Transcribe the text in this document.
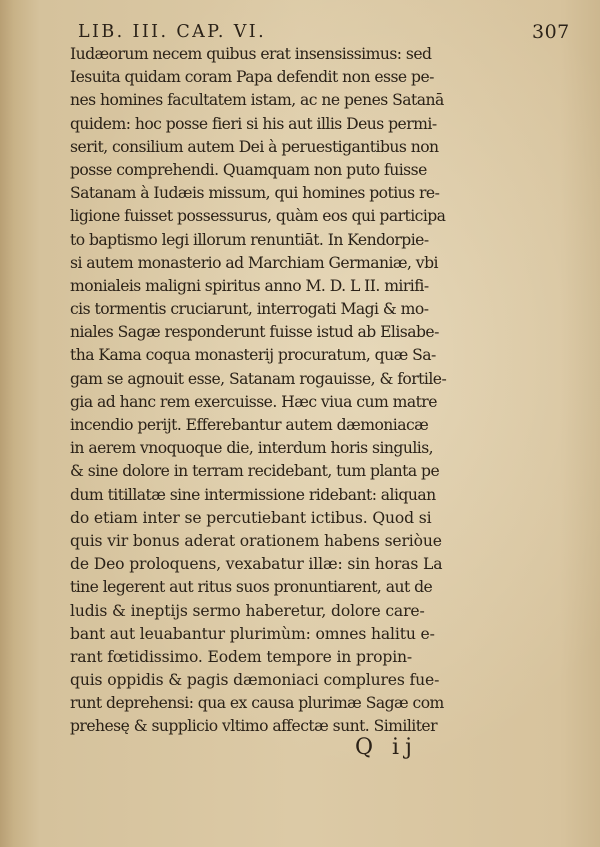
LIB. III. CAP. VI.	307
Iudæorum necem quibus erat insensissimus: sed
Iesuita quidam coram Papa defendit non esse pe-
nes homines facultatem istam, ac ne penes Satanā
quidem: hoc posse fieri si his aut illis Deus permi-
serit, consilium autem Dei à peruestigantibus non
posse comprehendi. Quamquam non puto fuisse
Satanam à Iudæis missum, qui homines potius re-
ligione fuisset possessurus, quàm eos qui participa
to baptismo legi illorum renuntiāt. In Kendorpie-
si autem monasterio ad Marchiam Germaniæ, vbi
monialeis maligni spiritus anno M. D. L II. mirifi-
cis tormentis cruciarunt, interrogati Magi & mo-
niales Sagæ responderunt fuisse istud ab Elisabe-
tha Kama coqua monasterij procuratum, quæ Sa-
gam se agnouit esse, Satanam rogauisse, & fortile-
gia ad hanc rem exercuisse. Hæc viua cum matre
incendio perijt. Efferebantur autem dæmoniacæ
in aerem vnoquoque die, interdum horis singulis,
& sine dolore in terram recidebant, tum planta pe
dum titillatæ sine intermissione ridebant: aliquan
do etiam inter se percutiebant ictibus. Quod si
quis vir bonus aderat orationem habens seriòue
de Deo proloquens, vexabatur illæ: sin horas La
tine legerent aut ritus suos pronuntiarent, aut de
ludis & ineptijs sermo haberetur, dolore care-
bant aut leuabantur plurimùm: omnes halitu e-
rant fœtidissimo. Eodem tempore in propin-
quis oppidis & pagis dæmoniaci complures fue-
runt deprehensi: qua ex causa plurimæ Sagæ com
prehesę & supplicio vltimo affectæ sunt. Similiter
Q ij
